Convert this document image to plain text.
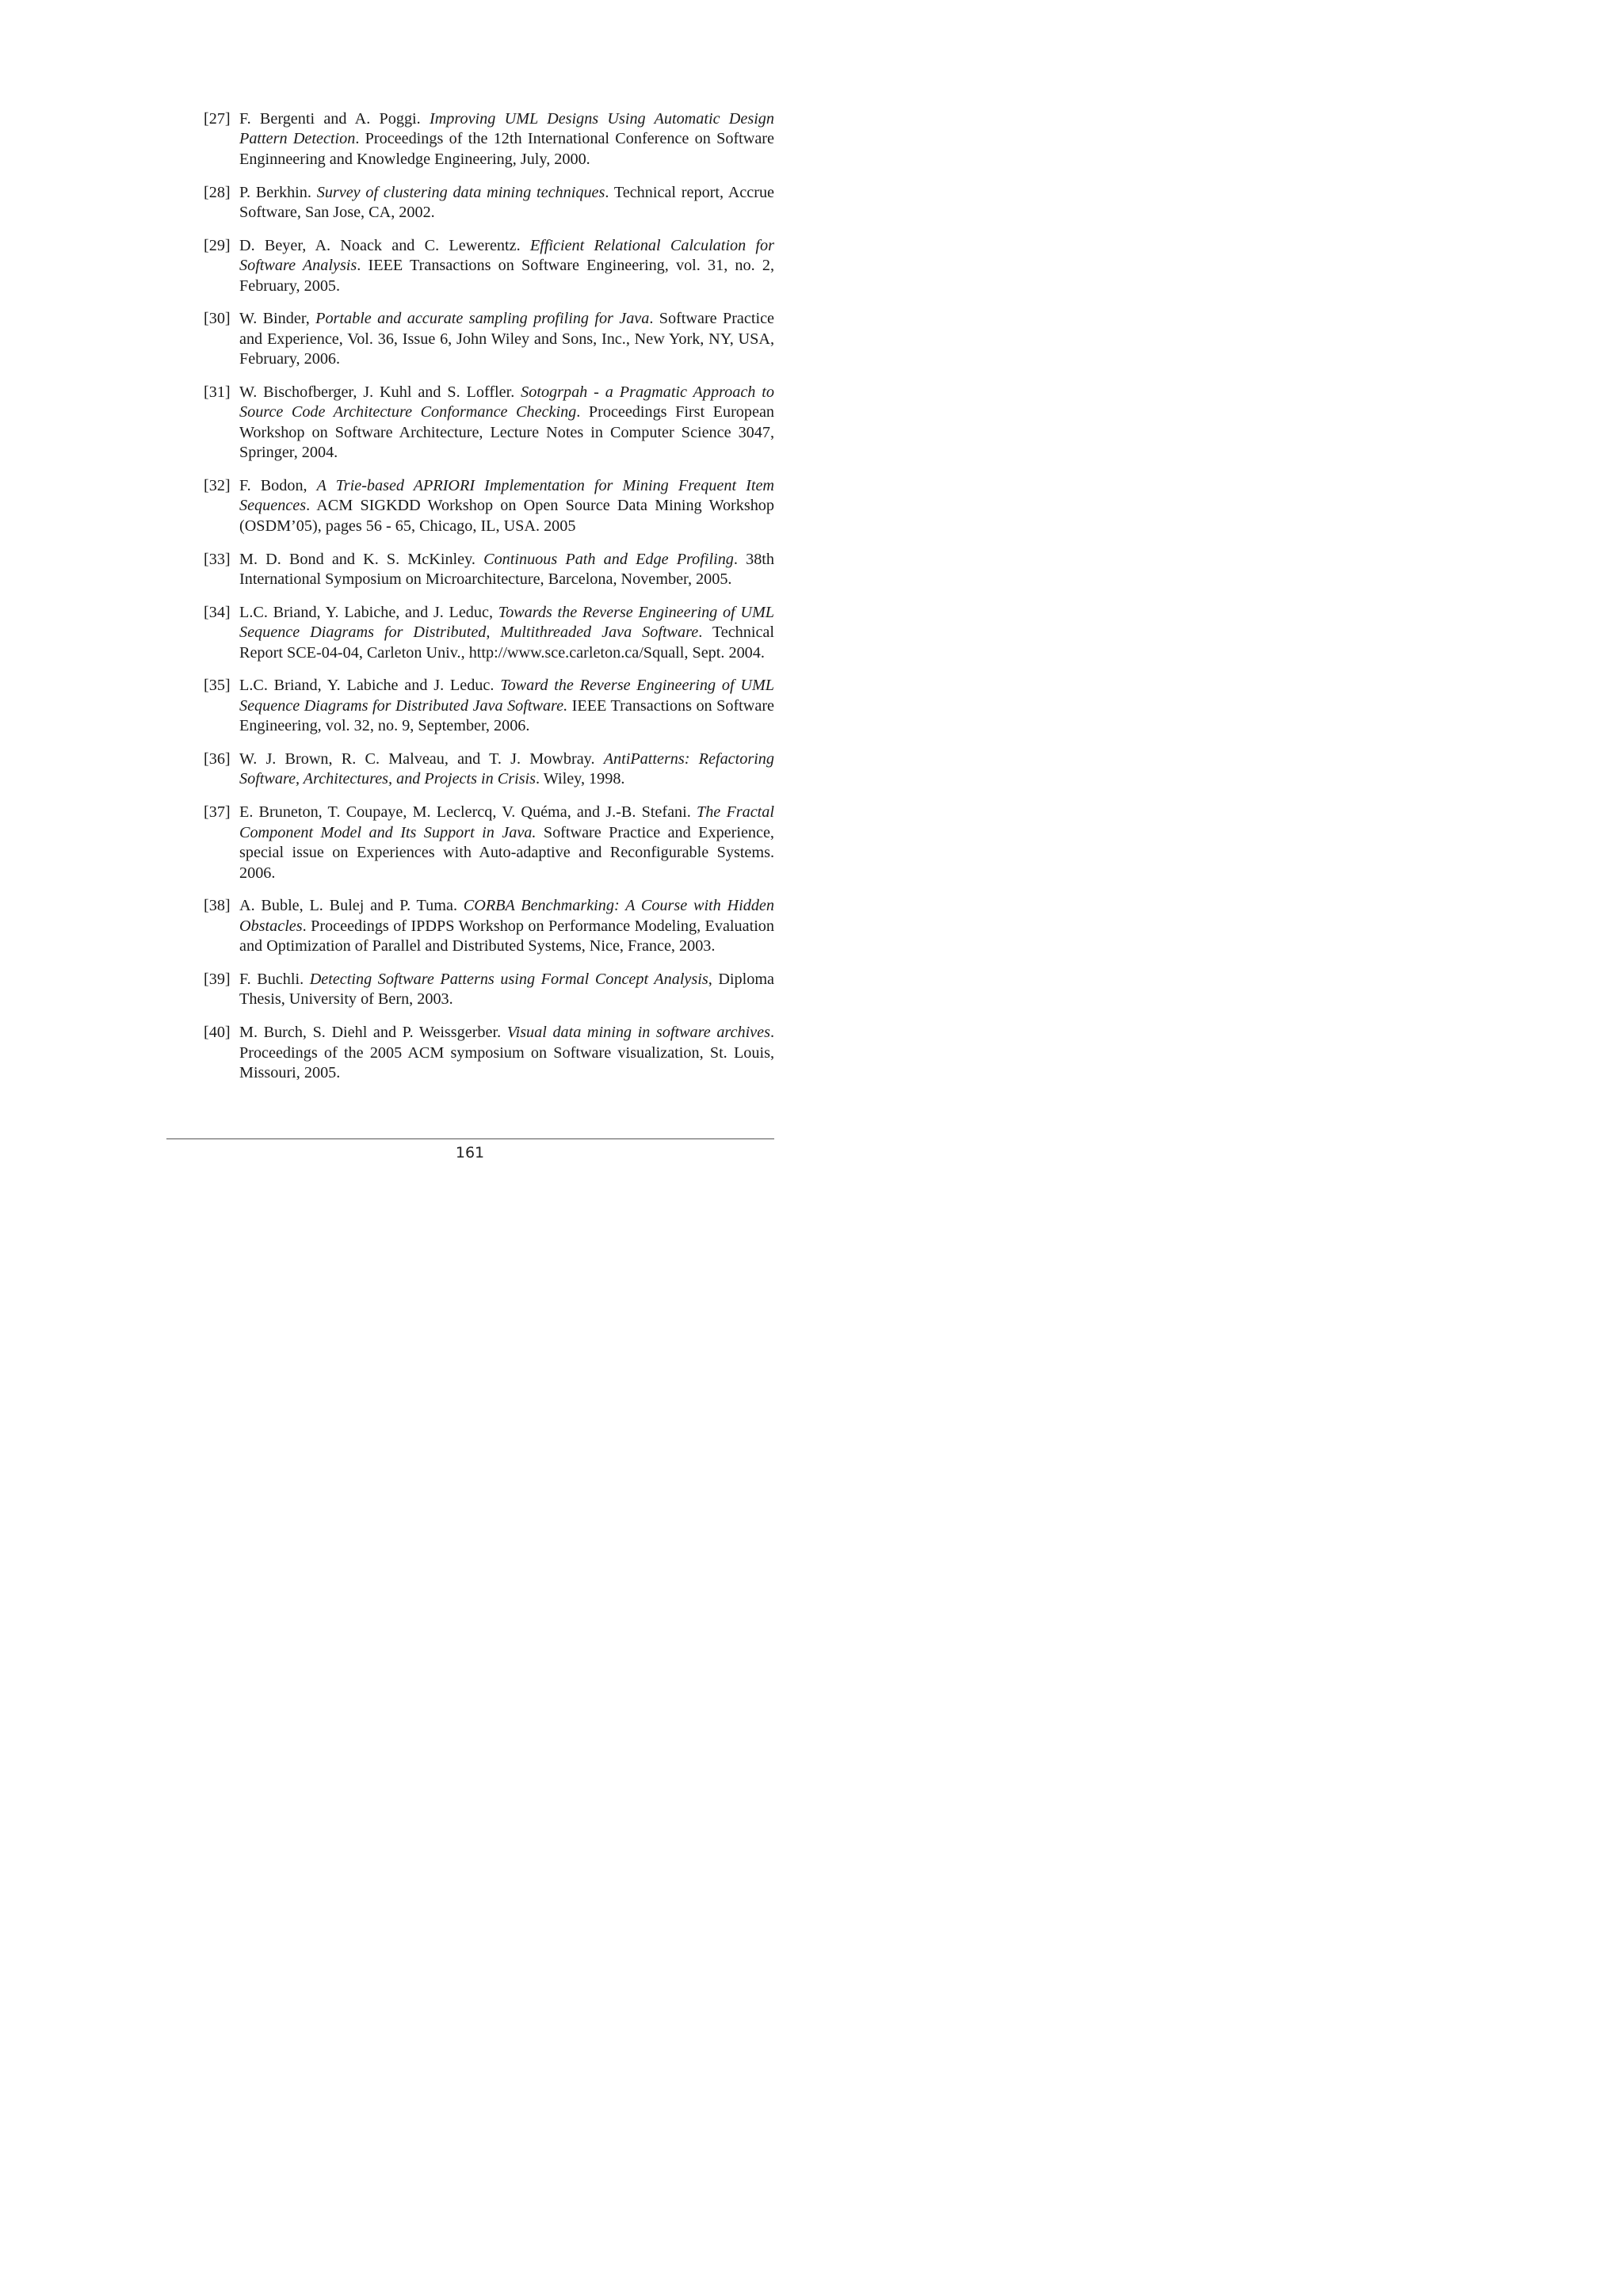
[27] F. Bergenti and A. Poggi. Improving UML Designs Using Automatic Design Pattern Detection. Proceedings of the 12th International Conference on Software Enginneering and Knowledge Engineering, July, 2000.
[28] P. Berkhin. Survey of clustering data mining techniques. Technical report, Accrue Software, San Jose, CA, 2002.
[29] D. Beyer, A. Noack and C. Lewerentz. Efficient Relational Calculation for Software Analysis. IEEE Transactions on Software Engineering, vol. 31, no. 2, February, 2005.
[30] W. Binder, Portable and accurate sampling profiling for Java. Software Practice and Experience, Vol. 36, Issue 6, John Wiley and Sons, Inc., New York, NY, USA, February, 2006.
[31] W. Bischofberger, J. Kuhl and S. Loffler. Sotogrpah - a Pragmatic Approach to Source Code Architecture Conformance Checking. Proceedings First European Workshop on Software Architecture, Lecture Notes in Computer Science 3047, Springer, 2004.
[32] F. Bodon, A Trie-based APRIORI Implementation for Mining Frequent Item Sequences. ACM SIGKDD Workshop on Open Source Data Mining Workshop (OSDM’05), pages 56 - 65, Chicago, IL, USA. 2005
[33] M. D. Bond and K. S. McKinley. Continuous Path and Edge Profiling. 38th International Symposium on Microarchitecture, Barcelona, November, 2005.
[34] L.C. Briand, Y. Labiche, and J. Leduc, Towards the Reverse Engineering of UML Sequence Diagrams for Distributed, Multithreaded Java Software. Technical Report SCE-04-04, Carleton Univ., http://www.sce.carleton.ca/Squall, Sept. 2004.
[35] L.C. Briand, Y. Labiche and J. Leduc. Toward the Reverse Engineering of UML Sequence Diagrams for Distributed Java Software. IEEE Transactions on Software Engineering, vol. 32, no. 9, September, 2006.
[36] W. J. Brown, R. C. Malveau, and T. J. Mowbray. AntiPatterns: Refactoring Software, Architectures, and Projects in Crisis. Wiley, 1998.
[37] E. Bruneton, T. Coupaye, M. Leclercq, V. Quéma, and J.-B. Stefani. The Fractal Component Model and Its Support in Java. Software Practice and Experience, special issue on Experiences with Auto-adaptive and Reconfigurable Systems. 2006.
[38] A. Buble, L. Bulej and P. Tuma. CORBA Benchmarking: A Course with Hidden Obstacles. Proceedings of IPDPS Workshop on Performance Modeling, Evaluation and Optimization of Parallel and Distributed Systems, Nice, France, 2003.
[39] F. Buchli. Detecting Software Patterns using Formal Concept Analysis, Diploma Thesis, University of Bern, 2003.
[40] M. Burch, S. Diehl and P. Weissgerber. Visual data mining in software archives. Proceedings of the 2005 ACM symposium on Software visualization, St. Louis, Missouri, 2005.
161
